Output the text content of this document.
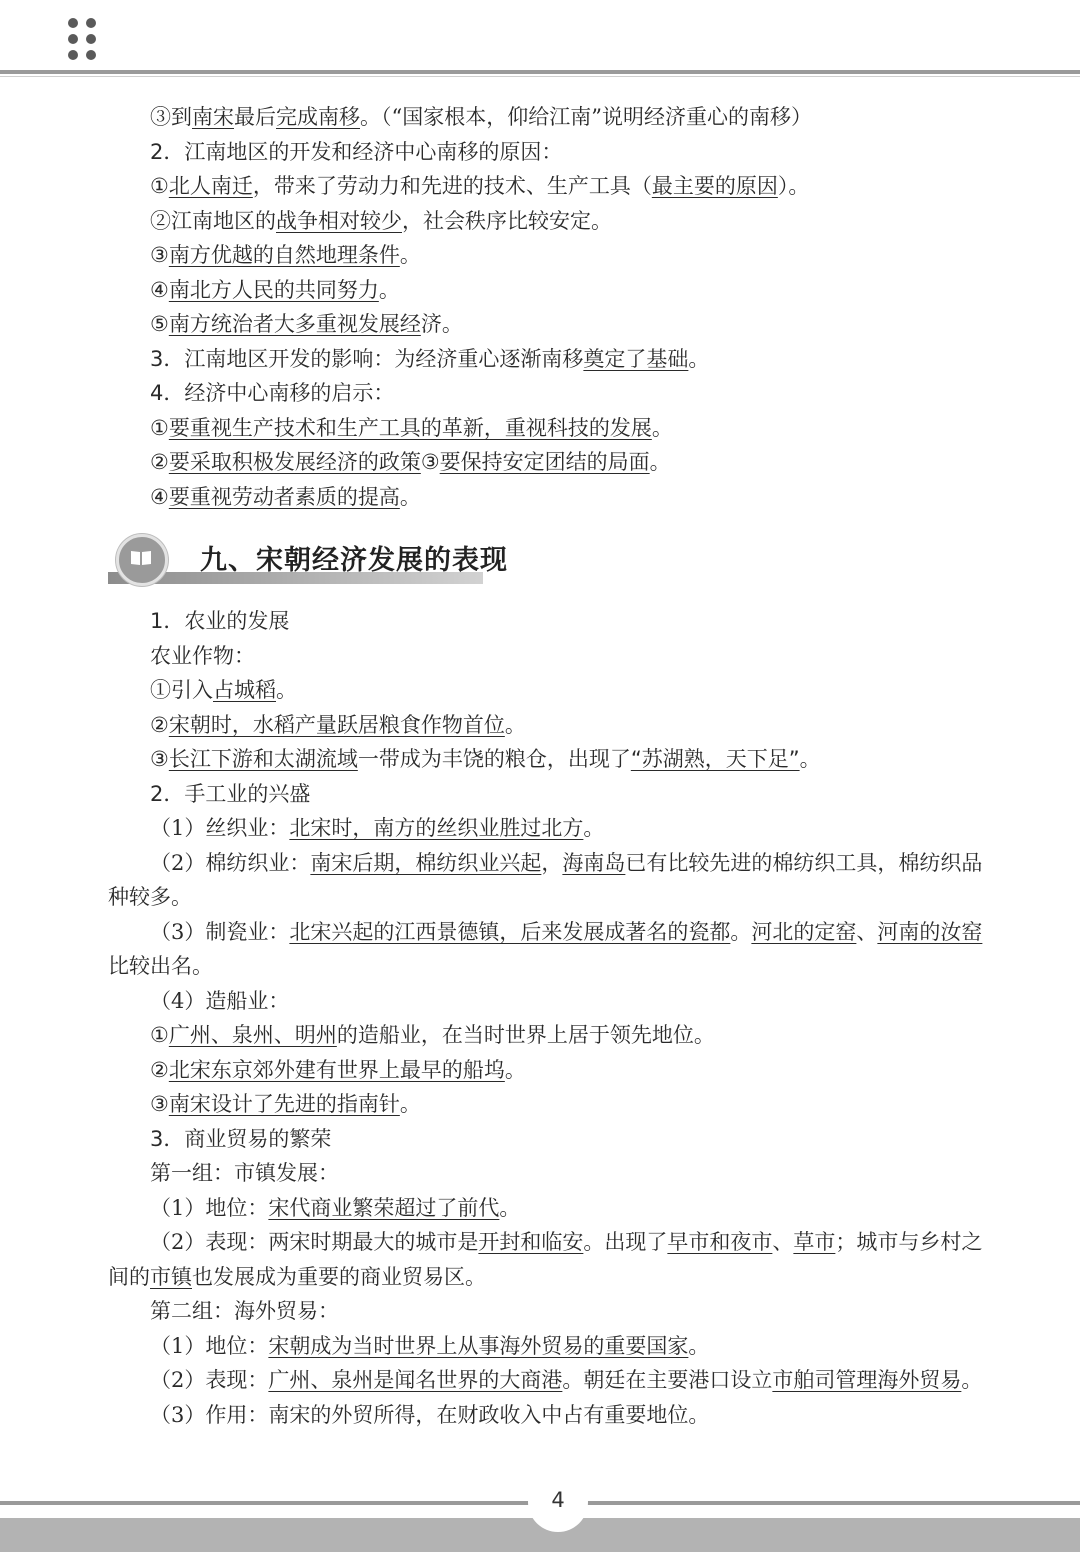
③到南宋最后完成南移。（“国家根本，仰给江南”说明经济重心的南移）
2．江南地区的开发和经济中心南移的原因：
①北人南迁，带来了劳动力和先进的技术、生产工具（最主要的原因）。
②江南地区的战争相对较少，社会秩序比较安定。
③南方优越的自然地理条件。
④南北方人民的共同努力。
⑤南方统治者大多重视发展经济。
3．江南地区开发的影响：为经济重心逐渐南移奠定了基础。
4．经济中心南移的启示：
①要重视生产技术和生产工具的革新，重视科技的发展。
②要采取积极发展经济的政策③要保持安定团结的局面。
④要重视劳动者素质的提高。
九、宋朝经济发展的表现
1．农业的发展
农业作物：
①引入占城稻。
②宋朝时，水稻产量跃居粮食作物首位。
③长江下游和太湖流域一带成为丰饶的粮仓，出现了“苏湖熟，天下足”。
2．手工业的兴盛
（1）丝织业：北宋时，南方的丝织业胜过北方。
（2）棉纺织业：南宋后期，棉纺织业兴起，海南岛已有比较先进的棉纺织工具，棉纺织品
种较多。
（3）制瓷业：北宋兴起的江西景德镇，后来发展成著名的瓷都。河北的定窑、河南的汝窑
比较出名。
（4）造船业：
①广州、泉州、明州的造船业，在当时世界上居于领先地位。
②北宋东京郊外建有世界上最早的船坞。
③南宋设计了先进的指南针。
3．商业贸易的繁荣
第一组：市镇发展：
（1）地位：宋代商业繁荣超过了前代。
（2）表现：两宋时期最大的城市是开封和临安。出现了早市和夜市、草市；城市与乡村之
间的市镇也发展成为重要的商业贸易区。
第二组：海外贸易：
（1）地位：宋朝成为当时世界上从事海外贸易的重要国家。
（2）表现：广州、泉州是闻名世界的大商港。朝廷在主要港口设立市舶司管理海外贸易。
（3）作用：南宋的外贸所得，在财政收入中占有重要地位。
4
